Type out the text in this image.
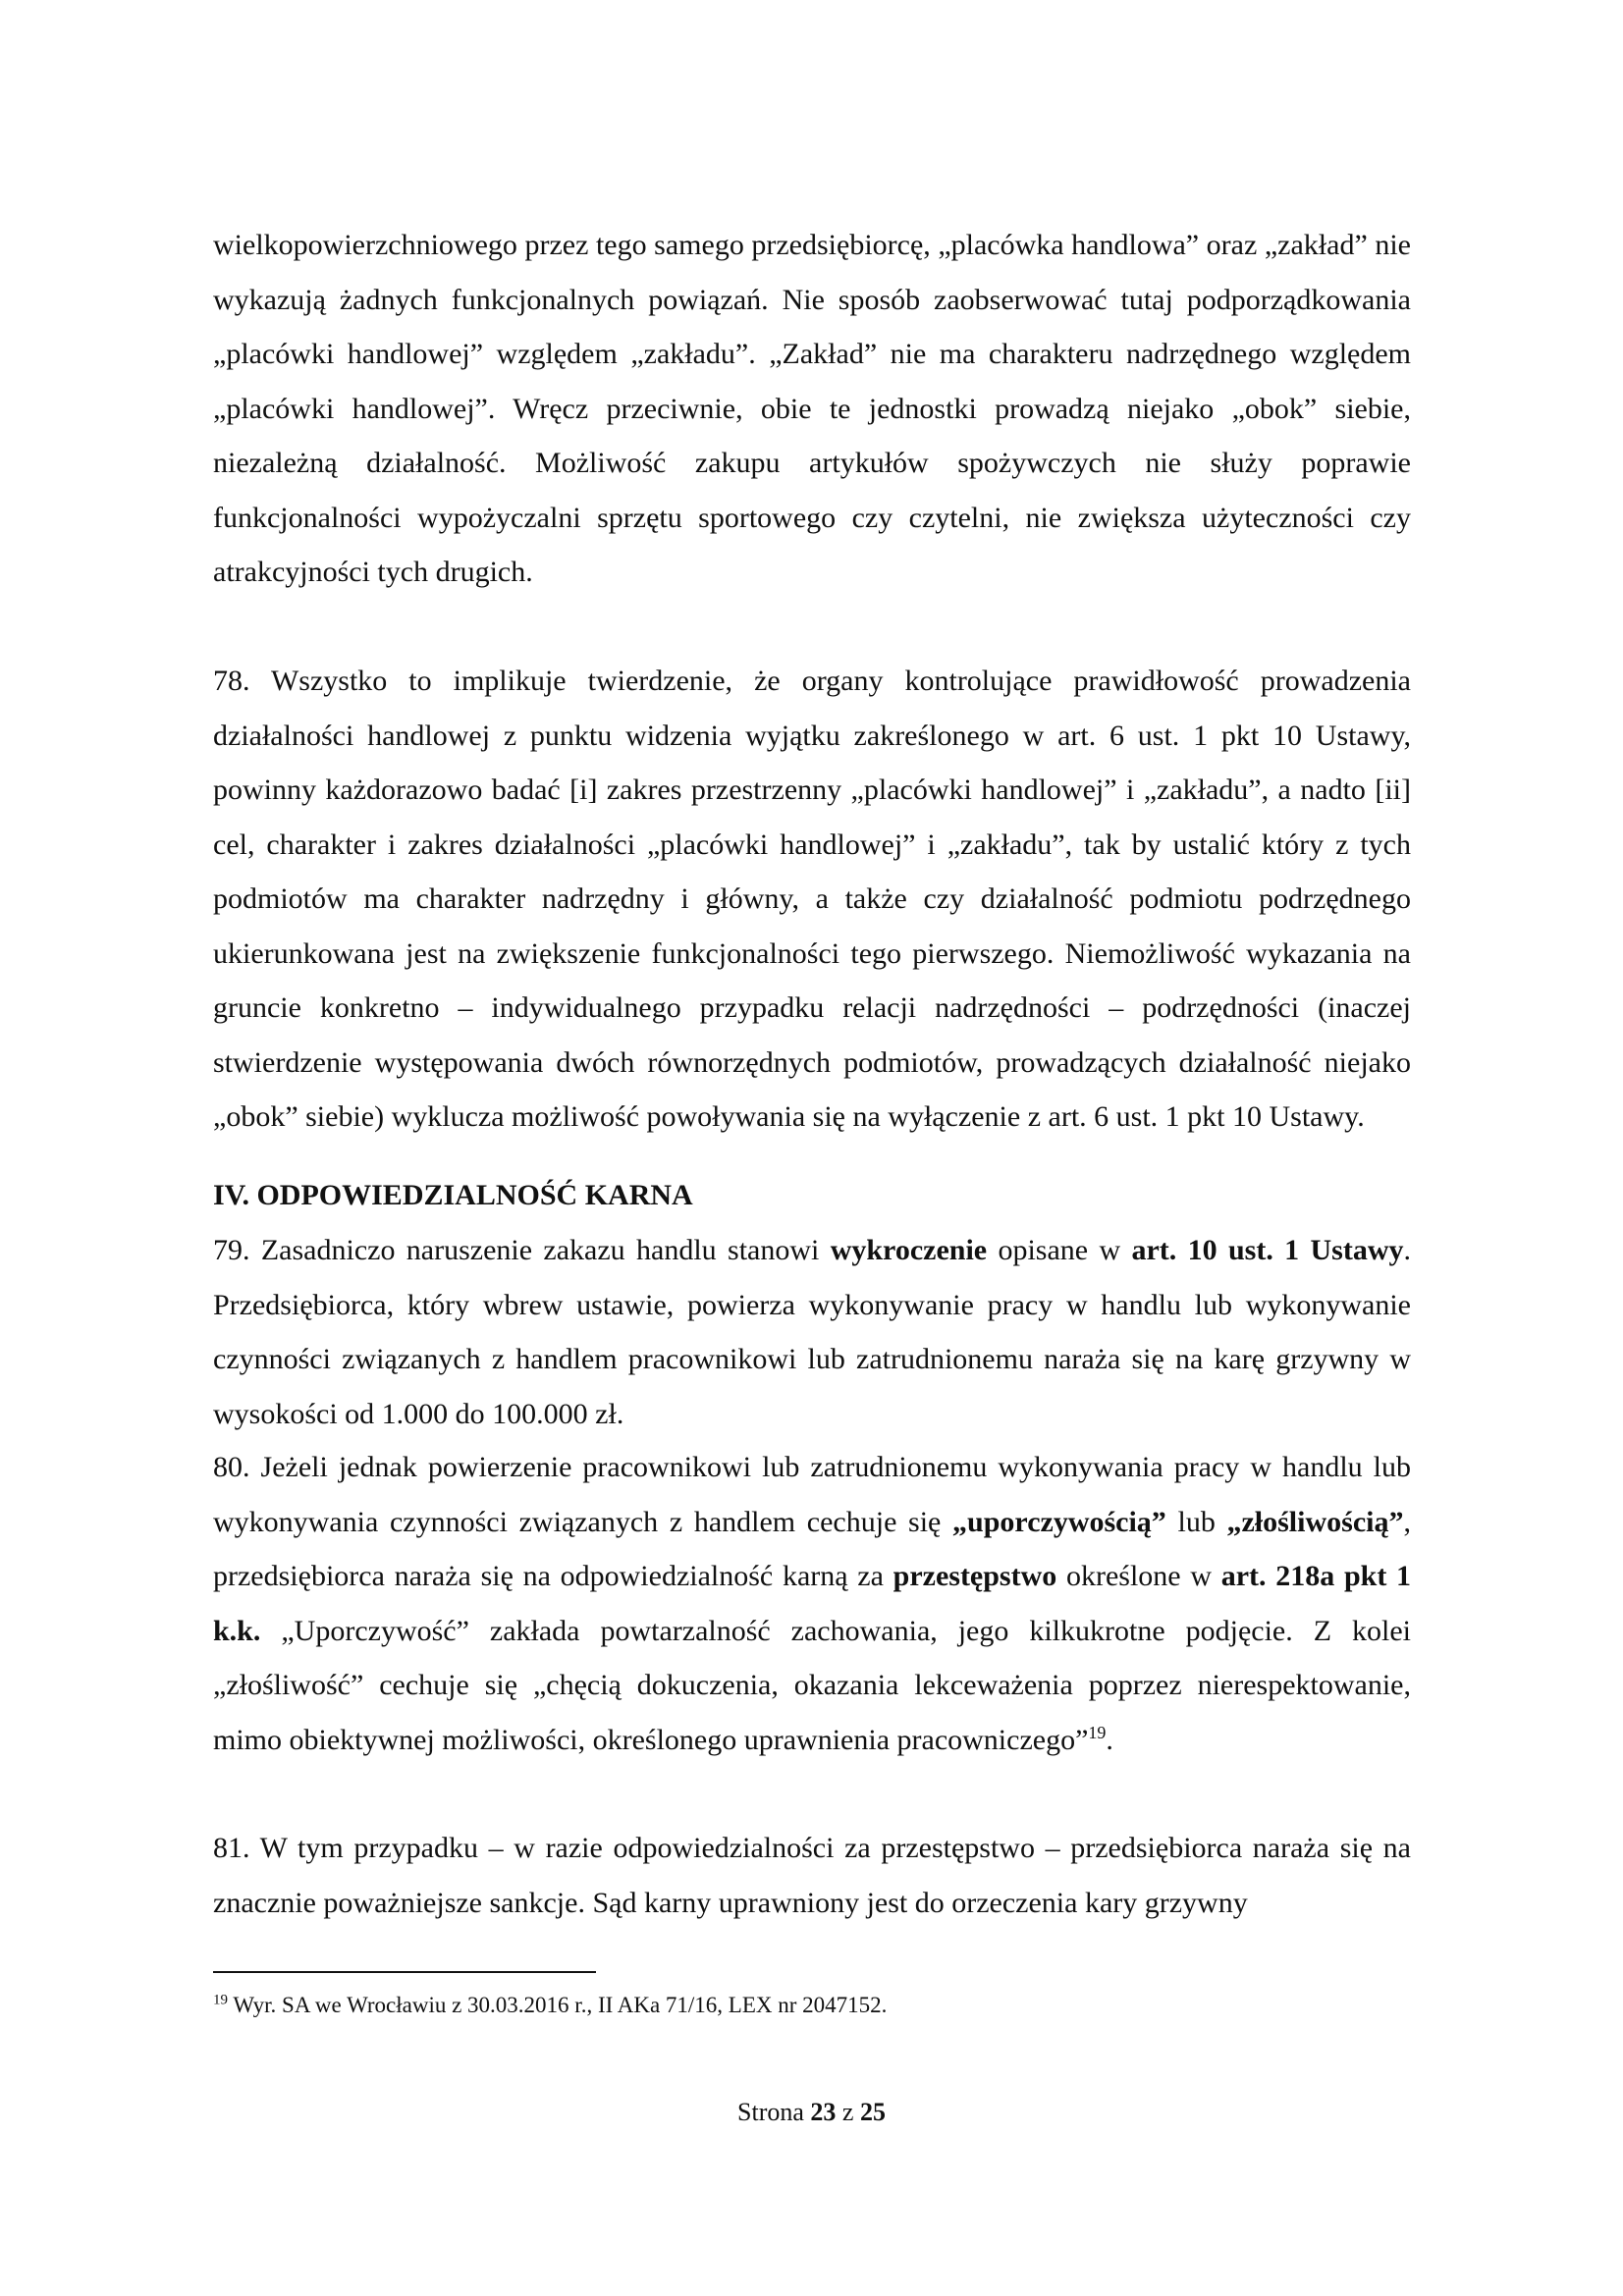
wielkopowierzchniowego przez tego samego przedsiębiorcę, „placówka handlowa” oraz „zakład” nie wykazują żadnych funkcjonalnych powiązań. Nie sposób zaobserwować tutaj podporządkowania „placówki handlowej” względem „zakładu”. „Zakład” nie ma charakteru nadrzędnego względem „placówki handlowej”. Wręcz przeciwnie, obie te jednostki prowadzą niejako „obok” siebie, niezależną działalność. Możliwość zakupu artykułów spożywczych nie służy poprawie funkcjonalności wypożyczalni sprzętu sportowego czy czytelni, nie zwiększa użyteczności czy atrakcyjności tych drugich.
78. Wszystko to implikuje twierdzenie, że organy kontrolujące prawidłowość prowadzenia działalności handlowej z punktu widzenia wyjątku zakreślonego w art. 6 ust. 1 pkt 10 Ustawy, powinny każdorazowo badać [i] zakres przestrzenny „placówki handlowej” i „zakładu”, a nadto [ii] cel, charakter i zakres działalności „placówki handlowej” i „zakładu”, tak by ustalić który z tych podmiotów ma charakter nadrzędny i główny, a także czy działalność podmiotu podrzędnego ukierunkowana jest na zwiększenie funkcjonalności tego pierwszego. Niemożliwość wykazania na gruncie konkretno – indywidualnego przypadku relacji nadrzędności – podrzędności (inaczej stwierdzenie występowania dwóch równorzędnych podmiotów, prowadzących działalność niejako „obok” siebie) wyklucza możliwość powoływania się na wyłączenie z art. 6 ust. 1 pkt 10 Ustawy.
IV. ODPOWIEDZIALNOŚĆ KARNA
79. Zasadniczo naruszenie zakazu handlu stanowi wykroczenie opisane w art. 10 ust. 1 Ustawy. Przedsiębiorca, który wbrew ustawie, powierza wykonywanie pracy w handlu lub wykonywanie czynności związanych z handlem pracownikowi lub zatrudnionemu naraża się na karę grzywny w wysokości od 1.000 do 100.000 zł.
80. Jeżeli jednak powierzenie pracownikowi lub zatrudnionemu wykonywania pracy w handlu lub wykonywania czynności związanych z handlem cechuje się „uporczywością” lub „złośliwością”, przedsiębiorca naraża się na odpowiedzialność karną za przestępstwo określone w art. 218a pkt 1 k.k. „Uporczywość” zakłada powtarzalność zachowania, jego kilkukrotne podjęcie. Z kolei „złośliwość” cechuje się „chęcią dokuczenia, okazania lekceważenia poprzez nierespektowanie, mimo obiektywnej możliwości, określonego uprawnienia pracowniczego”$^{19}$.
81. W tym przypadku – w razie odpowiedzialności za przestępstwo – przedsiębiorca naraża się na znacznie poważniejsze sankcje. Sąd karny uprawniony jest do orzeczenia kary grzywny
$^{19}$ Wyr. SA we Wrocławiu z 30.03.2016 r., II AKa 71/16, LEX nr 2047152.
Strona 23 z 25
